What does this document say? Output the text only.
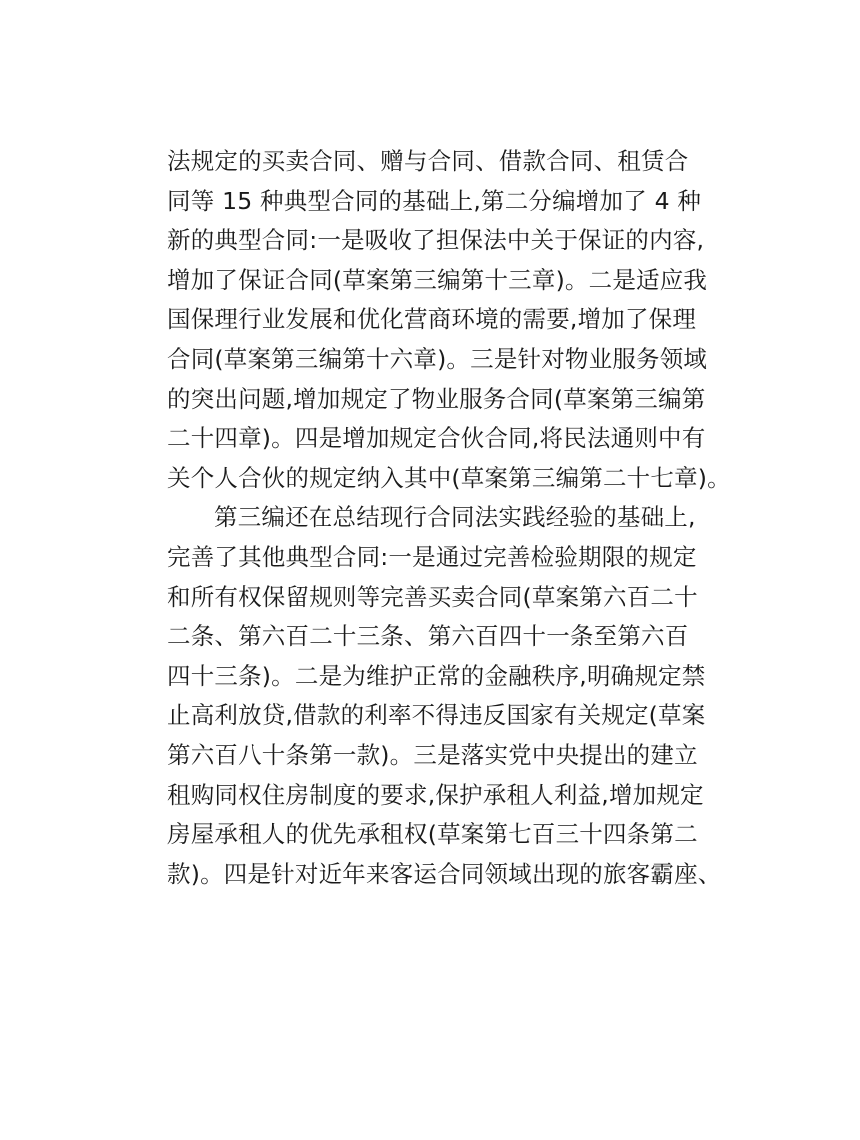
法规定的买卖合同、赠与合同、借款合同、租赁合
同等 15 种典型合同的基础上,第二分编增加了 4 种
新的典型合同:一是吸收了担保法中关于保证的内容,
增加了保证合同(草案第三编第十三章)。二是适应我
国保理行业发展和优化营商环境的需要,增加了保理
合同(草案第三编第十六章)。三是针对物业服务领域
的突出问题,增加规定了物业服务合同(草案第三编第
二十四章)。四是增加规定合伙合同,将民法通则中有
关个人合伙的规定纳入其中(草案第三编第二十七章)。
第三编还在总结现行合同法实践经验的基础上,
完善了其他典型合同:一是通过完善检验期限的规定
和所有权保留规则等完善买卖合同(草案第六百二十
二条、第六百二十三条、第六百四十一条至第六百
四十三条)。二是为维护正常的金融秩序,明确规定禁
止高利放贷,借款的利率不得违反国家有关规定(草案
第六百八十条第一款)。三是落实党中央提出的建立
租购同权住房制度的要求,保护承租人利益,增加规定
房屋承租人的优先承租权(草案第七百三十四条第二
款)。四是针对近年来客运合同领域出现的旅客霸座、
